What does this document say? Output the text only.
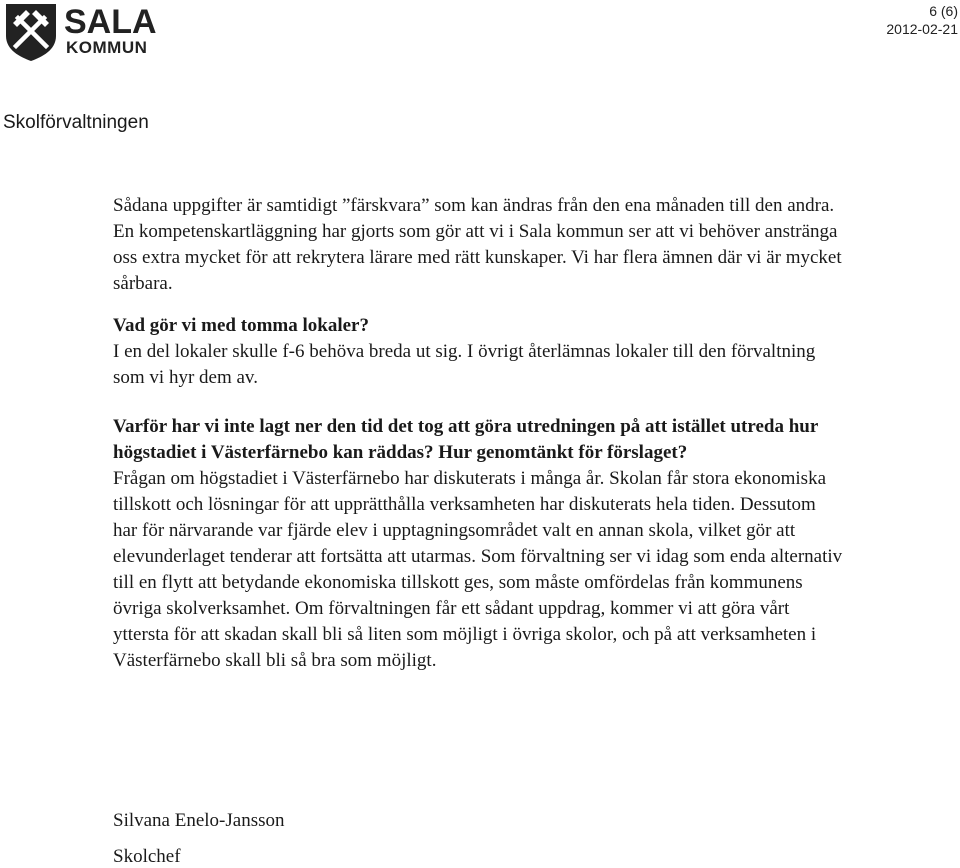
SALA
KOMMUN
6 (6)
2012-02-21
Skolförvaltningen

Sådana uppgifter är samtidigt ”färskvara” som kan ändras från den ena månaden till den andra. En kompetenskartläggning har gjorts som gör att vi i Sala kommun ser att vi behöver anstränga oss extra mycket för att rekrytera lärare med rätt kunskaper. Vi har flera ämnen där vi är mycket sårbara.

Vad gör vi med tomma lokaler?

I en del lokaler skulle f-6 behöva breda ut sig. I övrigt återlämnas lokaler till den förvaltning som vi hyr dem av.

Varför har vi inte lagt ner den tid det tog att göra utredningen på att istället utreda hur högstadiet i Västerfärnebo kan räddas? Hur genomtänkt för förslaget?

Frågan om högstadiet i Västerfärnebo har diskuterats i många år. Skolan får stora ekonomiska tillskott och lösningar för att upprätthålla verksamheten har diskuterats hela tiden. Dessutom har för närvarande var fjärde elev i upptagningsområdet valt en annan skola, vilket gör att elevunderlaget tenderar att fortsätta att utarmas. Som förvaltning ser vi idag som enda alternativ till en flytt att betydande ekonomiska tillskott ges, som måste omfördelas från kommunens övriga skolverksamhet. Om förvaltningen får ett sådant uppdrag, kommer vi att göra vårt yttersta för att skadan skall bli så liten som möjligt i övriga skolor, och på att verksamheten i Västerfärnebo skall bli så bra som möjligt.

Silvana Enelo-Jansson
Skolchef
